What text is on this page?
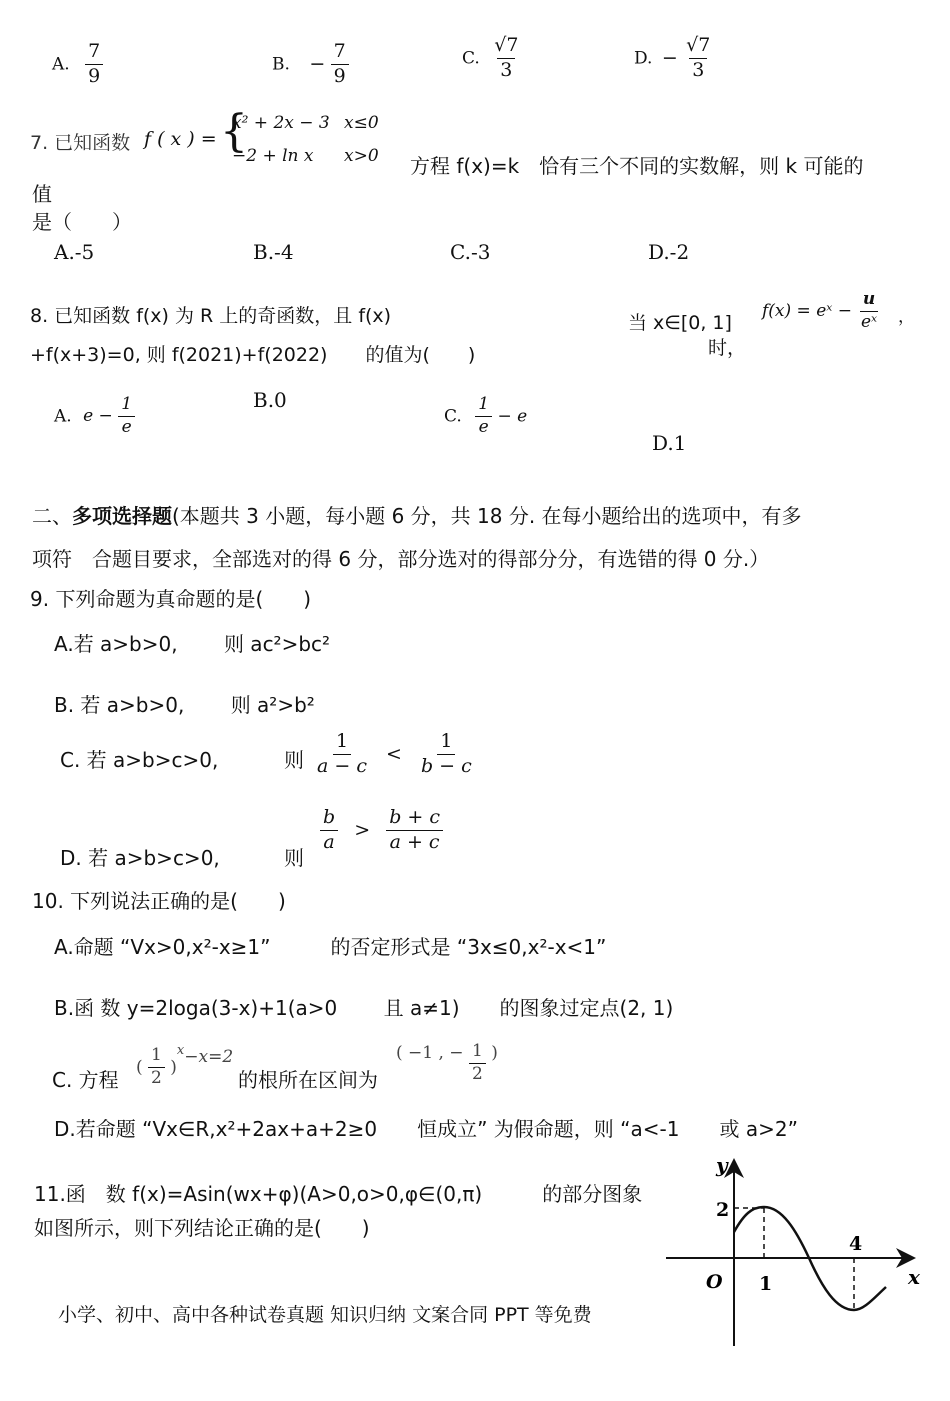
A. $\frac{7}{9}$	B. − $\frac{7}{9}$	C. $\frac{√7}{3}$	D. − $\frac{√7}{3}$
7. 已知函数 f ( x ) = {
x² + 2x − 3 x≤0
−2 + ln x x>0 方程 f(x)=k　恰有三个不同的实数解，则 k 可能的
值
是（　　）
A.-5	B.-4	C.-3	D.-2
8. 已知函数 f(x) 为 R 上的奇函数，且 f(x)
+f(x+3)=0, 则 f(2021)+f(2022)　　的值为(　　)
当 x∈[0, 1]
时，
f(x) = eˣ − $\frac{u}{\text{eˣ}}$ ，
A. $e - \frac{1}{e}$	B.0
C. $\frac{1}{e} - e$
D.1
二、多项选择题(本题共 3 小题，每小题 6 分，共 18 分. 在每小题给出的选项中，有多
项符　合题目要求，全部选对的得 6 分，部分选对的得部分分，有选错的得 0 分.）
9. 下列命题为真命题的是(　　)
A.若 a>b>0,　　 则 ac²>bc²
B. 若 a>b>0,　　 则 a²>b²
C. 若 a>b>c>0,	则 $\frac{1}{a - c} < \frac{1}{b - c}$
D. 若 a>b>c>0,	则
$\frac{b}{a} > \frac{b + c}{a + c}$
10. 下列说法正确的是(　　)
A.命题 “Vx>0,x²-x≥1”　　　的否定形式是 “3x≤0,x²-x<1”
B.函 数 y=2loga(3-x)+1(a>0　　 且 a≠1)　　的图象过定点(2, 1)
C. 方程
( $\frac{1}{2} )^x-x=2$
的根所在区间为
( −1 , − $\frac{1}{2}$ )
D.若命题 “Vx∈R,x²+2ax+a+2≥0　　恒成立” 为假命题，则 “a<-1　　或 a>2”
11.函　数 f(x)=Asin(wx+φ)(A>0,o>0,φ∈(0,π)　　　的部分图象
如图所示，则下列结论正确的是(　　)
y
x
O
2
1
4
小学、初中、高中各种试卷真题 知识归纳 文案合同 PPT 等免费
